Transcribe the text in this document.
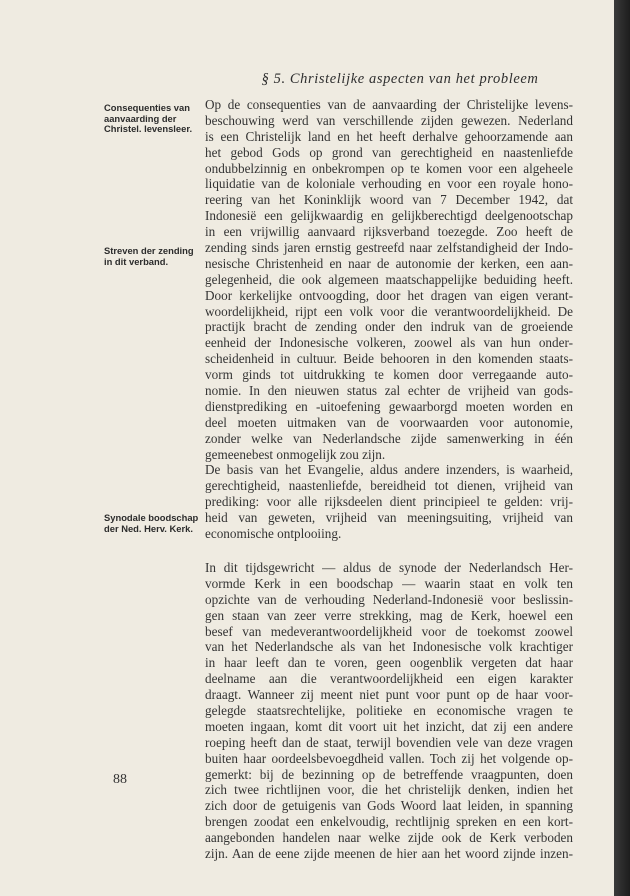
§ 5. Christelijke aspecten van het probleem
Consequenties van
aanvaarding der
Christel. levensleer.
Streven der zending
in dit verband.
Synodale boodschap
der Ned. Herv. Kerk.
Op de consequenties van de aanvaarding der Christelijke levens-
beschouwing werd van verschillende zijden gewezen. Nederland
is een Christelijk land en het heeft derhalve gehoorzamende aan
het gebod Gods op grond van gerechtigheid en naastenliefde
ondubbelzinnig en onbekrompen op te komen voor een algeheele
liquidatie van de koloniale verhouding en voor een royale hono-
reering van het Koninklijk woord van 7 December 1942, dat
Indonesië een gelijkwaardig en gelijkberechtigd deelgenootschap
in een vrijwillig aanvaard rijksverband toezegde. Zoo heeft de
zending sinds jaren ernstig gestreefd naar zelfstandigheid der Indo-
nesische Christenheid en naar de autonomie der kerken, een aan-
gelegenheid, die ook algemeen maatschappelijke beduiding heeft.
Door kerkelijke ontvoogding, door het dragen van eigen verant-
woordelijkheid, rijpt een volk voor die verantwoordelijkheid. De
practijk bracht de zending onder den indruk van de groeiende
eenheid der Indonesische volkeren, zoowel als van hun onder-
scheidenheid in cultuur. Beide behooren in den komenden staats-
vorm ginds tot uitdrukking te komen door verregaande auto-
nomie. In den nieuwen status zal echter de vrijheid van gods-
dienstprediking en -uitoefening gewaarborgd moeten worden en
deel moeten uitmaken van de voorwaarden voor autonomie,
zonder welke van Nederlandsche zijde samenwerking in één
gemeenebest onmogelijk zou zijn.
De basis van het Evangelie, aldus andere inzenders, is waarheid,
gerechtigheid, naastenliefde, bereidheid tot dienen, vrijheid van
prediking: voor alle rijksdeelen dient principieel te gelden: vrij-
heid van geweten, vrijheid van meeningsuiting, vrijheid van
economische ontplooiing.
In dit tijdsgewricht — aldus de synode der Nederlandsch Her-
vormde Kerk in een boodschap — waarin staat en volk ten
opzichte van de verhouding Nederland-Indonesië voor beslissin-
gen staan van zeer verre strekking, mag de Kerk, hoewel een
besef van medeverantwoordelijkheid voor de toekomst zoowel
van het Nederlandsche als van het Indonesische volk krachtiger
in haar leeft dan te voren, geen oogenblik vergeten dat haar
deelname aan die verantwoordelijkheid een eigen karakter
draagt. Wanneer zij meent niet punt voor punt op de haar voor-
gelegde staatsrechtelijke, politieke en economische vragen te
moeten ingaan, komt dit voort uit het inzicht, dat zij een andere
roeping heeft dan de staat, terwijl bovendien vele van deze vragen
buiten haar oordeelsbevoegdheid vallen. Toch zij het volgende op-
gemerkt: bij de bezinning op de betreffende vraagpunten, doen
zich twee richtlijnen voor, die het christelijk denken, indien het
zich door de getuigenis van Gods Woord laat leiden, in spanning
brengen zoodat een enkelvoudig, rechtlijnig spreken en een kort-
aangebonden handelen naar welke zijde ook de Kerk verboden
zijn. Aan de eene zijde meenen de hier aan het woord zijnde inzen-
88
